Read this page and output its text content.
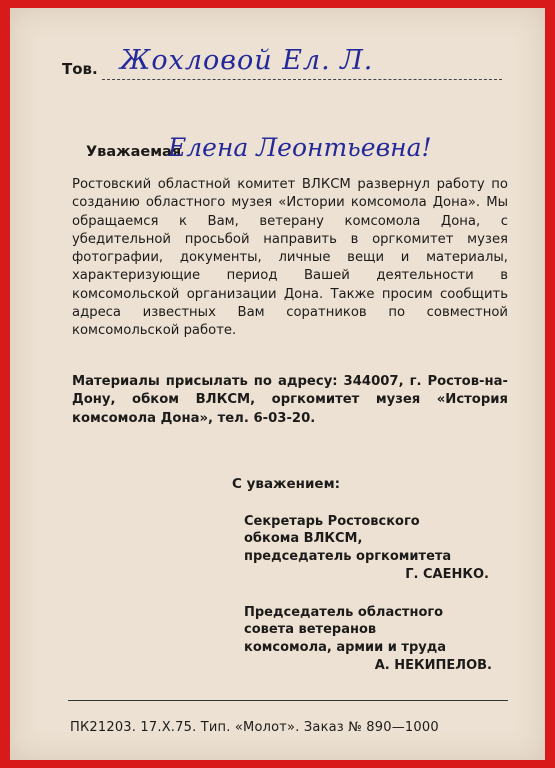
Тов. Жохловой Ел. Л.
Уважаемая
Елена Леонтьевна!
Ростовский областной комитет ВЛКСМ развернул работу по созданию областного музея «Истории комсомола Дона». Мы обращаемся к Вам, ветерану комсомола Дона, с убедительной просьбой направить в оргкомитет музея фотографии, документы, личные вещи и материалы, характеризующие период Вашей деятельности в комсомольской организации Дона. Также просим сообщить адреса известных Вам соратников по совместной комсомольской работе.
Материалы присылать по адресу: 344007, г. Ростов-на-Дону, обком ВЛКСМ, оргкомитет музея «История комсомола Дона», тел. 6-03-20.
С уважением:
Секретарь Ростовского
обкома ВЛКСМ,
председатель оргкомитета
Г. САЕНКО.
Председатель областного
совета ветеранов
комсомола, армии и труда
А. НЕКИПЕЛОВ.
ПК21203. 17.Х.75. Тип. «Молот». Заказ № 890—1000
